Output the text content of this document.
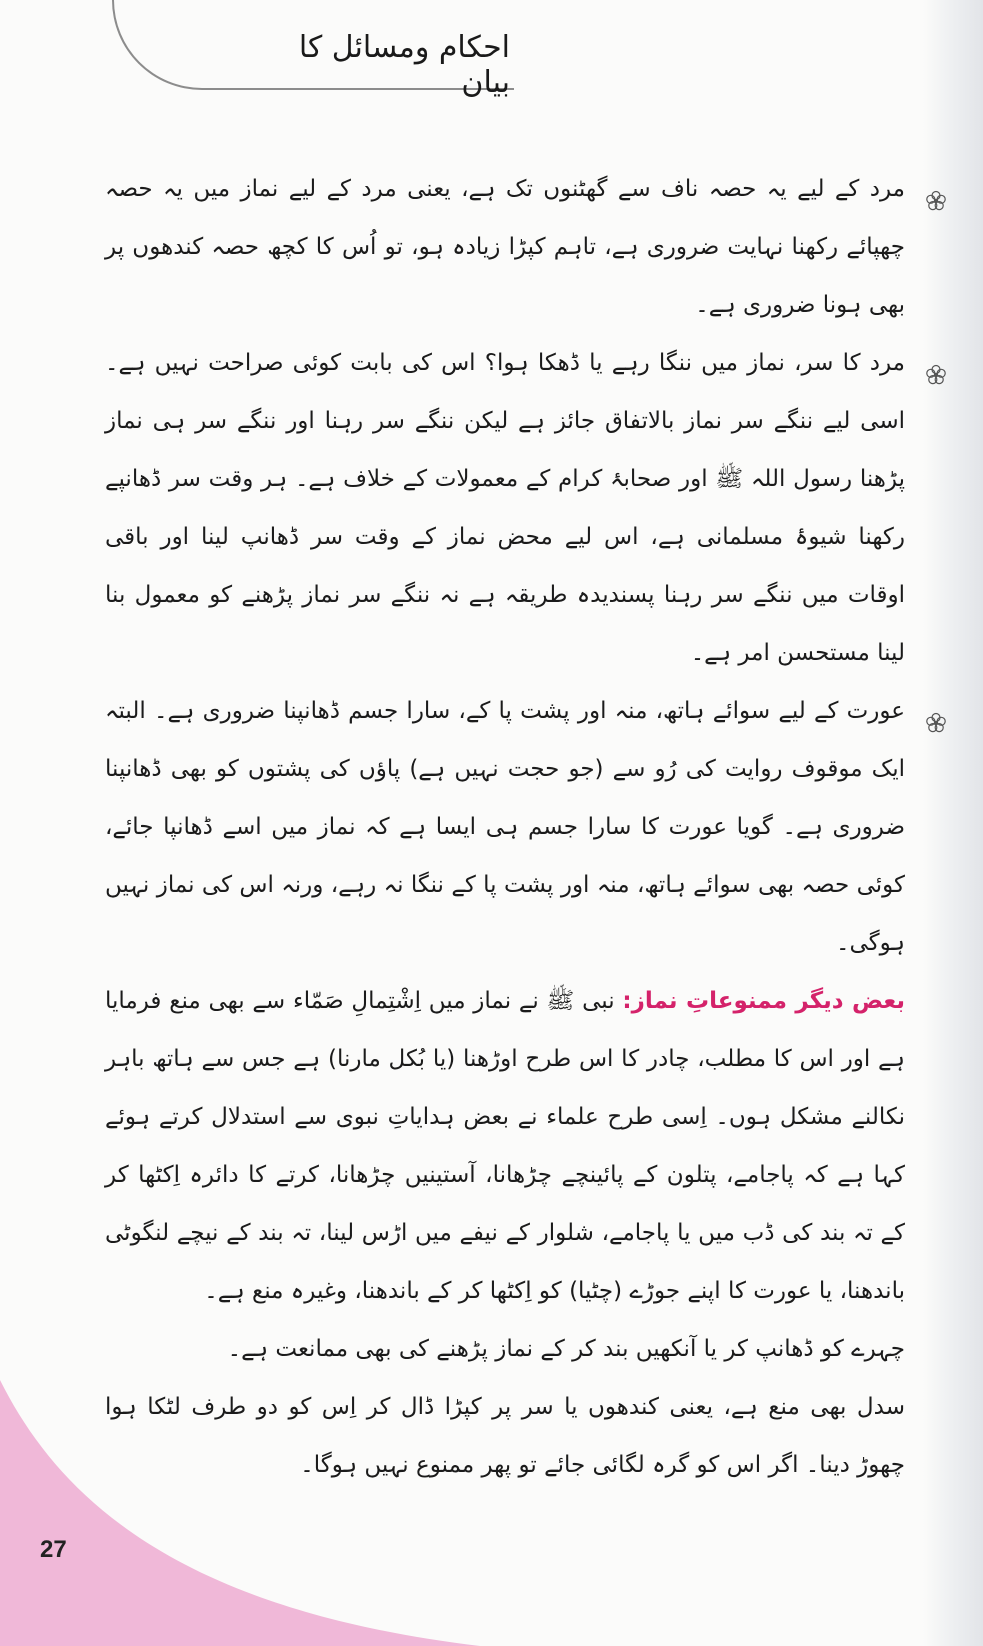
احکام ومسائل کا بیان

مرد کے لیے یہ حصہ ناف سے گھٹنوں تک ہے، یعنی مرد کے لیے نماز میں یہ حصہ چھپائے رکھنا نہایت ضروری ہے، تاہم کپڑا زیادہ ہو، تو اُس کا کچھ حصہ کندھوں پر بھی ہونا ضروری ہے۔

مرد کا سر، نماز میں ننگا رہے یا ڈھکا ہوا؟ اس کی بابت کوئی صراحت نہیں ہے۔ اسی لیے ننگے سر نماز بالاتفاق جائز ہے لیکن ننگے سر رہنا اور ننگے سر ہی نماز پڑھنا رسول اللہ ﷺ اور صحابۂ کرام کے معمولات کے خلاف ہے۔ ہر وقت سر ڈھانپے رکھنا شیوۂ مسلمانی ہے، اس لیے محض نماز کے وقت سر ڈھانپ لینا اور باقی اوقات میں ننگے سر رہنا پسندیدہ طریقہ ہے نہ ننگے سر نماز پڑھنے کو معمول بنا لینا مستحسن امر ہے۔

عورت کے لیے سوائے ہاتھ، منہ اور پشت پا کے، سارا جسم ڈھانپنا ضروری ہے۔ البتہ ایک موقوف روایت کی رُو سے (جو حجت نہیں ہے) پاؤں کی پشتوں کو بھی ڈھانپنا ضروری ہے۔ گویا عورت کا سارا جسم ہی ایسا ہے کہ نماز میں اسے ڈھانپا جائے، کوئی حصہ بھی سوائے ہاتھ، منہ اور پشت پا کے ننگا نہ رہے، ورنہ اس کی نماز نہیں ہوگی۔

بعض دیگر ممنوعاتِ نماز: نبی ﷺ نے نماز میں اِشْتِمالِ صَمّاء سے بھی منع فرمایا ہے اور اس کا مطلب، چادر کا اس طرح اوڑھنا (یا بُکل مارنا) ہے جس سے ہاتھ باہر نکالنے مشکل ہوں۔ اِسی طرح علماء نے بعض ہدایاتِ نبوی سے استدلال کرتے ہوئے کہا ہے کہ پاجامے، پتلون کے پائینچے چڑھانا، آستینیں چڑھانا، کرتے کا دائرہ اِکٹھا کر کے تہ بند کی ڈب میں یا پاجامے، شلوار کے نیفے میں اڑس لینا، تہ بند کے نیچے لنگوٹی باندھنا، یا عورت کا اپنے جوڑے (چٹیا) کو اِکٹھا کر کے باندھنا، وغیرہ منع ہے۔

چہرے کو ڈھانپ کر یا آنکھیں بند کر کے نماز پڑھنے کی بھی ممانعت ہے۔

سدل بھی منع ہے، یعنی کندھوں یا سر پر کپڑا ڈال کر اِس کو دو طرف لٹکا ہوا چھوڑ دینا۔ اگر اس کو گرہ لگائی جائے تو پھر ممنوع نہیں ہوگا۔

27
